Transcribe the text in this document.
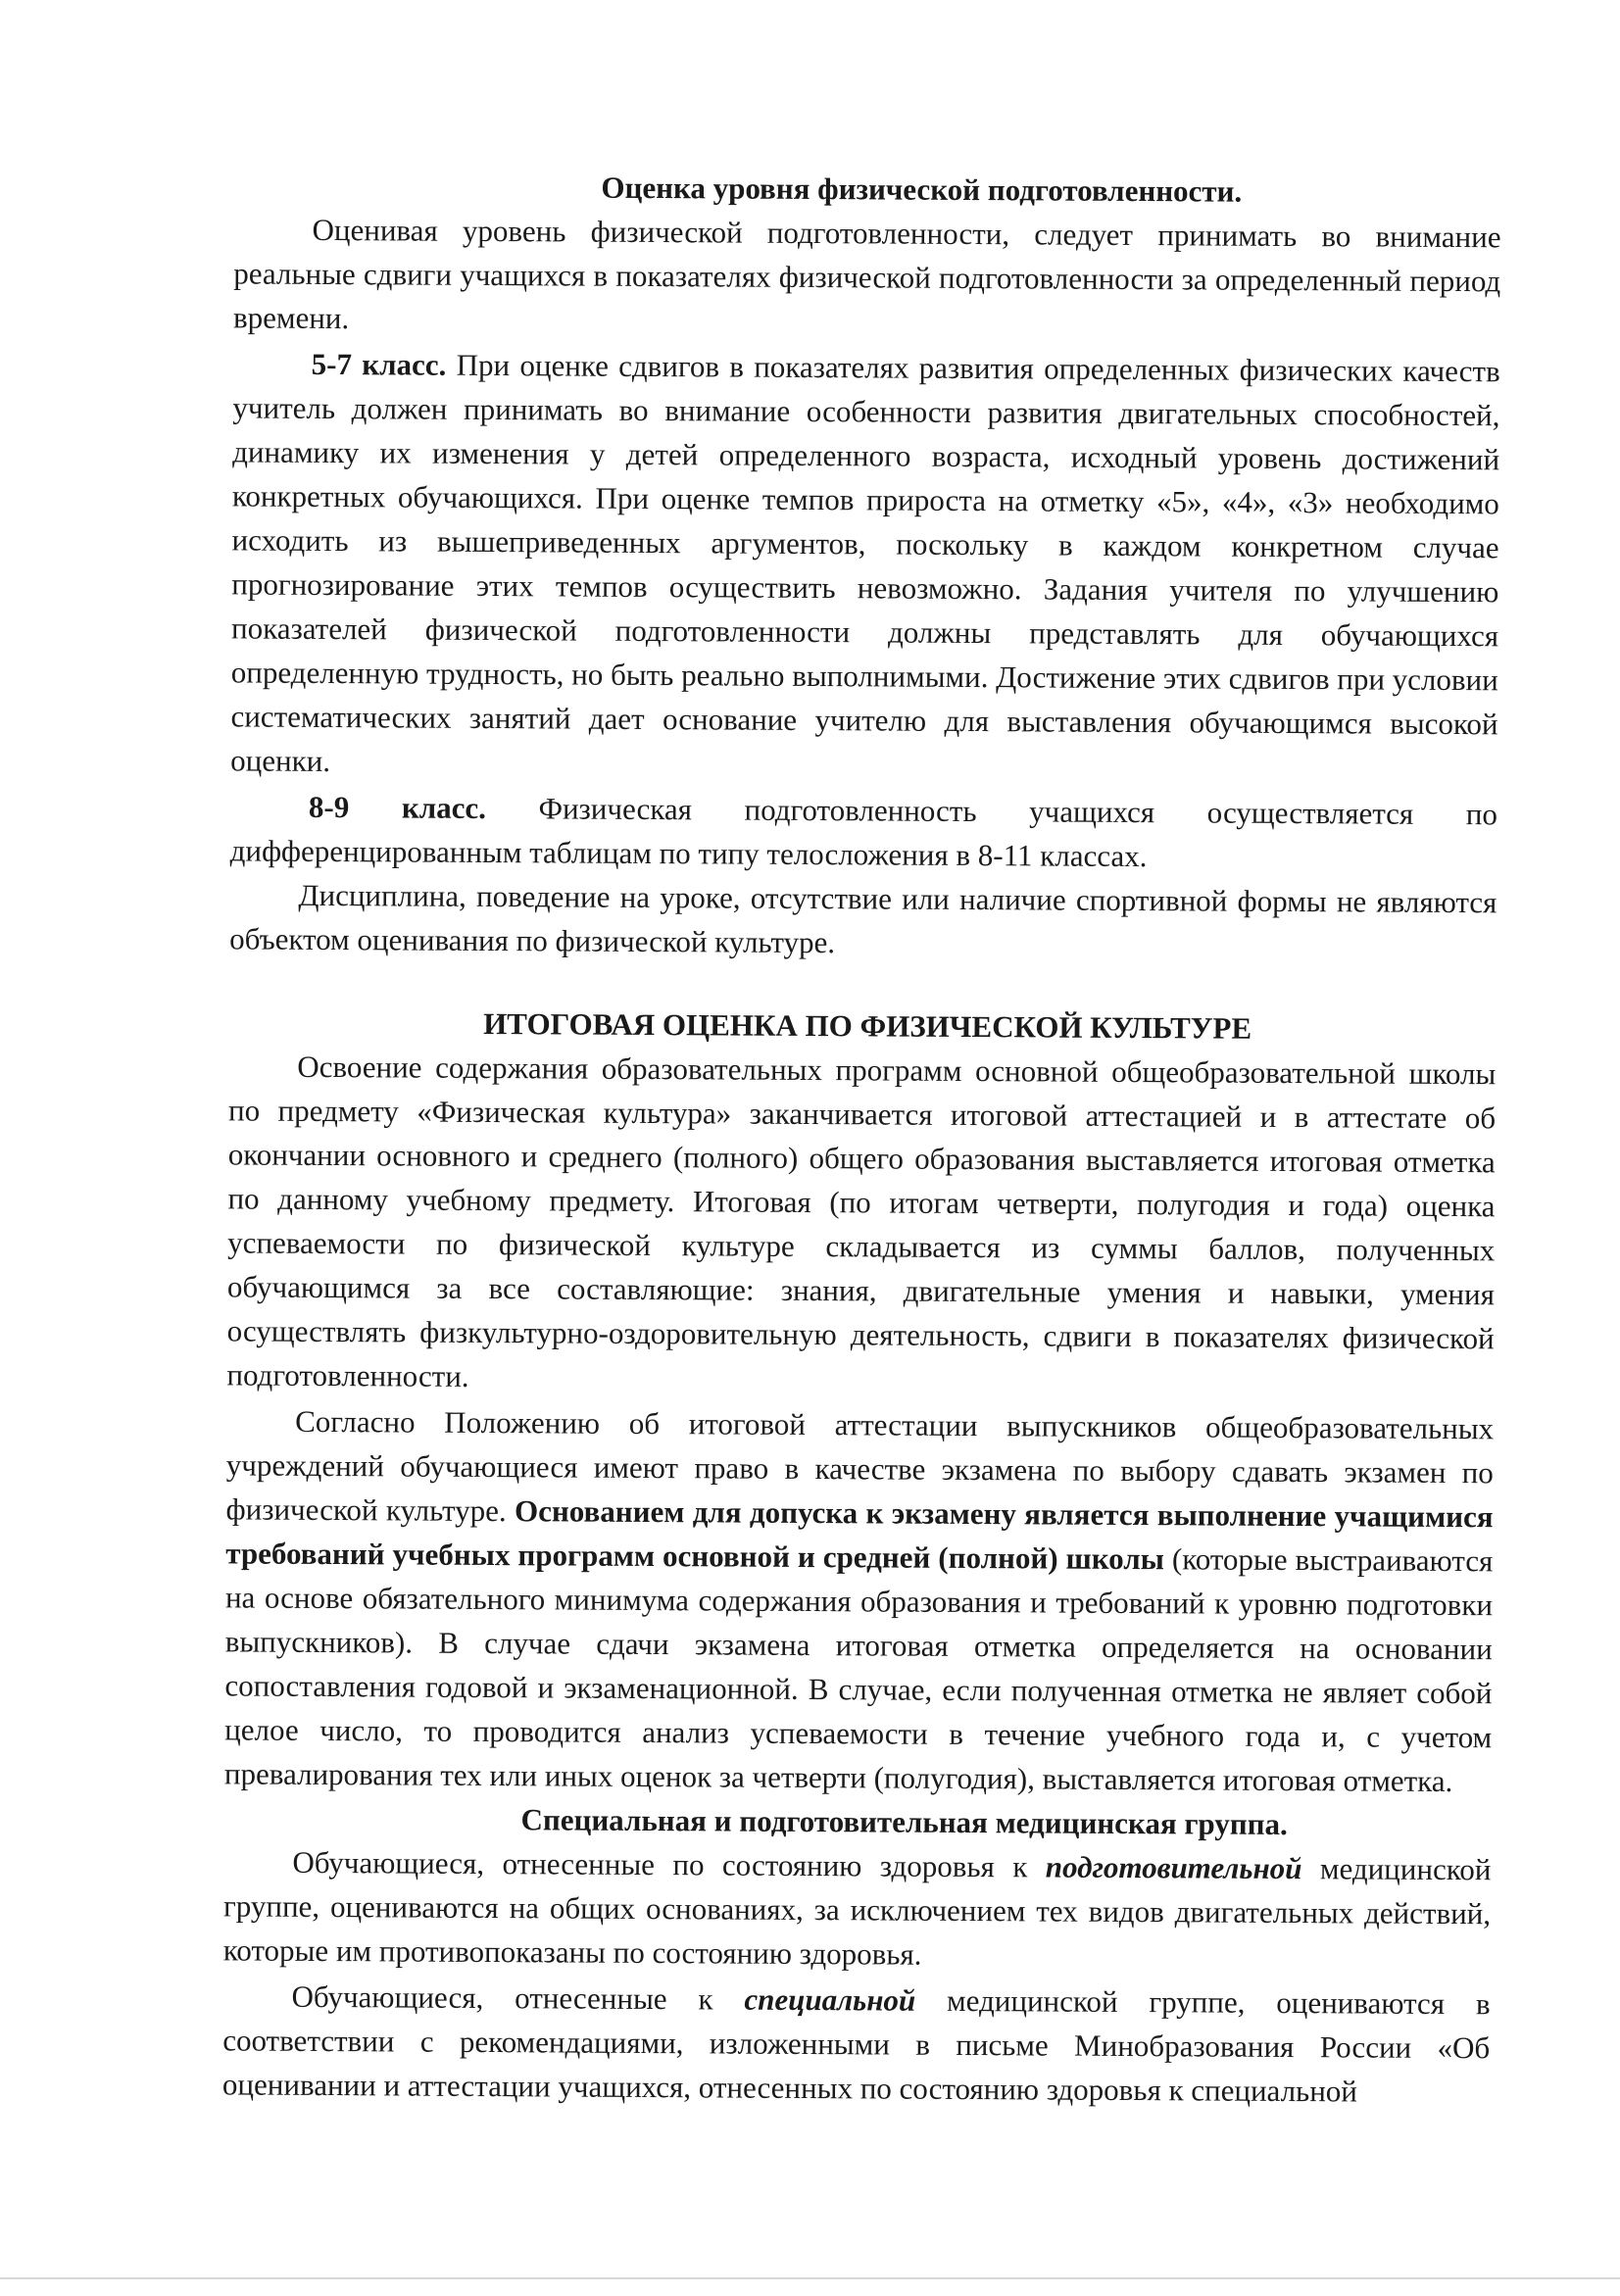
Оценка уровня физической подготовленности.

Оценивая уровень физической подготовленности, следует принимать во внимание реальные сдвиги учащихся в показателях физической подготовленности за определенный период времени.

5-7 класс. При оценке сдвигов в показателях развития определенных физических качеств учитель должен принимать во внимание особенности развития двигательных способностей, динамику их изменения у детей определенного возраста, исходный уровень достижений конкретных обучающихся. При оценке темпов прироста на отметку «5», «4», «3» необходимо исходить из вышеприведенных аргументов, поскольку в каждом конкретном случае прогнозирование этих темпов осуществить невозможно. Задания учителя по улучшению показателей физической подготовленности должны представлять для обучающихся определенную трудность, но быть реально выполнимыми. Достижение этих сдвигов при условии систематических занятий дает основание учителю для выставления обучающимся высокой оценки.

8-9 класс. Физическая подготовленность учащихся осуществляется по дифференцированным таблицам по типу телосложения в 8-11 классах.

Дисциплина, поведение на уроке, отсутствие или наличие спортивной формы не являются объектом оценивания по физической культуре.

ИТОГОВАЯ ОЦЕНКА ПО ФИЗИЧЕСКОЙ КУЛЬТУРЕ

Освоение содержания образовательных программ основной общеобразовательной школы по предмету «Физическая культура» заканчивается итоговой аттестацией и в аттестате об окончании основного и среднего (полного) общего образования выставляется итоговая отметка по данному учебному предмету. Итоговая (по итогам четверти, полугодия и года) оценка успеваемости по физической культуре складывается из суммы баллов, полученных обучающимся за все составляющие: знания, двигательные умения и навыки, умения осуществлять физкультурно-оздоровительную деятельность, сдвиги в показателях физической подготовленности.

Согласно Положению об итоговой аттестации выпускников общеобразовательных учреждений обучающиеся имеют право в качестве экзамена по выбору сдавать экзамен по физической культуре. Основанием для допуска к экзамену является выполнение учащимися требований учебных программ основной и средней (полной) школы (которые выстраиваются на основе обязательного минимума содержания образования и требований к уровню подготовки выпускников). В случае сдачи экзамена итоговая отметка определяется на основании сопоставления годовой и экзаменационной. В случае, если полученная отметка не являет собой целое число, то проводится анализ успеваемости в течение учебного года и, с учетом превалирования тех или иных оценок за четверти (полугодия), выставляется итоговая отметка.

Специальная и подготовительная медицинская группа.

Обучающиеся, отнесенные по состоянию здоровья к подготовительной медицинской группе, оцениваются на общих основаниях, за исключением тех видов двигательных действий, которые им противопоказаны по состоянию здоровья.

Обучающиеся, отнесенные к специальной медицинской группе, оцениваются в соответствии с рекомендациями, изложенными в письме Минобразования России «Об оценивании и аттестации учащихся, отнесенных по состоянию здоровья к специальной
